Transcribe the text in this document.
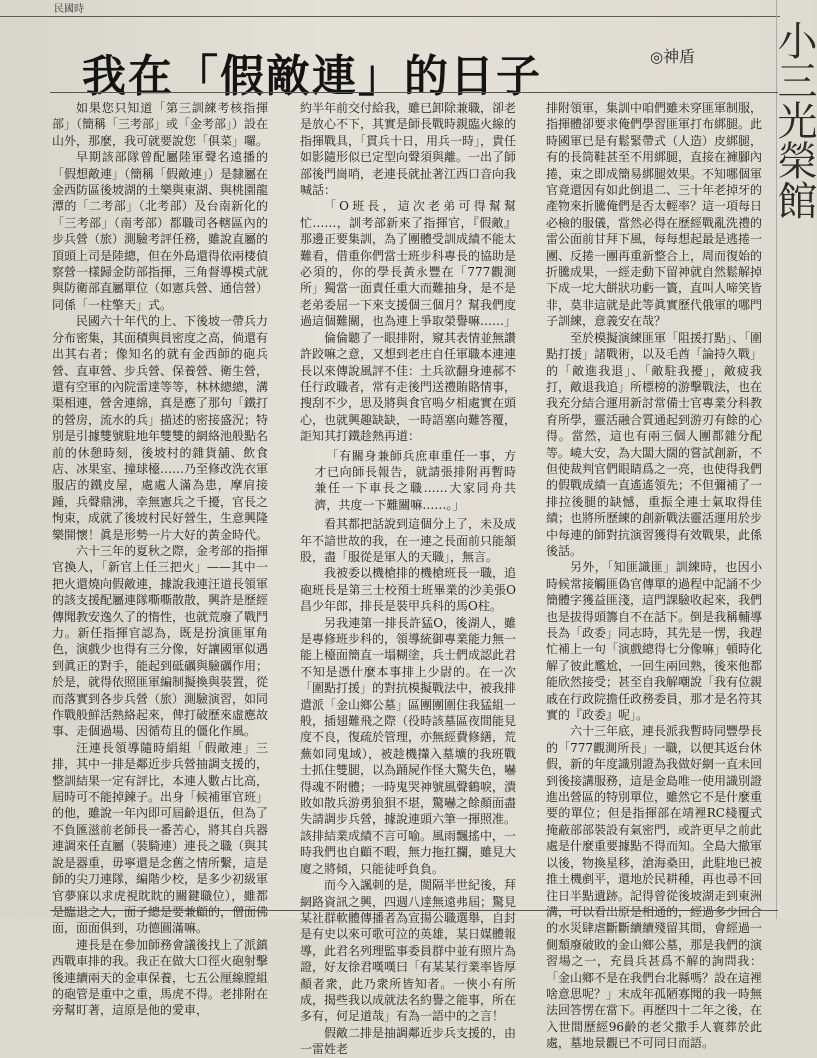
民國時
小三光榮館
我在「假敵連」的日子	◎神盾

如果您只知道「第三訓練考核指揮部」（簡稱「三考部」或「金考部」）設在山外，那麼，我可就要說您「俱菜」囉。

早期該部隊曾配屬陸軍聲名遠播的「假想敵連」（簡稱「假敵連」）是隸屬在金西防區後坡湖的土樂與東湖、與桃園龍潭的「二考部」（北考部）及台南新化的「三考部」（南考部）都職司各轄區內的步兵營（旅）測驗考評任務，雖說直屬的頂頭上司是陸總，但在外島還得依兩棲偵察營一樣歸金防部指揮，三角督導模式就與防衛部直屬單位（如憲兵營、通信營）同係「一柱擎天」式。

民國六十年代的上、下後坡一帶兵力分布密集，其面積與員密度之高，倘還有出其右者；像知名的就有金西師的砲兵營、直車營、步兵營、保養營、衛生營，還有空軍的內院雷達等等，林林總總，溝渠相連，營舍連綿，真是應了那句「鐵打的營房，流水的兵」描述的密接盛況；特別是引據雙號駐地年雙雙的網絡池般點名前的休憩時刻，後坡村的雜貨舖、飲食店、冰果室、撞球檯……乃至修改洗衣軍服店的鐵皮屋，處處人滿為患，摩肩接踵，兵聲鼎沸，幸無憲兵之千擾，官長之恂束，成就了後坡村民好營生，生意興隆樂開懷！眞是形勢一片大好的黃金時代。

六十三年的夏秋之際，金考部的指揮官換人，「新官上任三把火」——其中一把火還燒向假敵連，據說我連汪道長領軍的該支援配屬連隊嘶嘶散散，興許是歷經傳聞教安逸久了的惰性，也就荒廢了戰鬥力。新任指揮官認為，既是扮演匪軍角色，演戲少也得有三分像，好讓國軍似遇到眞正的對手，能起到砥礪與驗礪作用；於是，就得依照匪軍編制擬換與裝置，從而落實到各步兵營（旅）測驗演習，如同作戰般鮮活熱絡起來，俾打破歷來虛應故事、走個過場、因循苟且的僵化作風。

汪連長領導隨時絹組「假敵連」三排，其中一排是鄰近步兵營抽調支援的，整訓結果一定有評比，本連人數占比高，屆時可不能掉鍊子。出身「候補軍官班」的他，雖說一年內即可屆齡退伍，但為了不負匯滋前老師長一番苦心，將其自兵器連調來任直屬（裝騎連）連長之職（與其說是器重，毋寧還是念舊之情所繫，這是師的尖刀連隊，編階少校，是多少初級軍官夢寐以求虎視眈眈的關鍵職位），雖都是臨退之人，面子總是要兼顧的，僧面佛面，面面俱到，功德圓滿嘛。

連長是在參加師務會議後找上了派鎮西戰車排的我。我正在做大口徑火砲射擊後連續兩天的金車保養，七五公厘線膛組的砲管是重中之重，馬虎不得。老排附在旁幫盯著，這原是他的愛車，

約半年前交付給我，雖已卸除兼職，卻老是放心不下，其實是師長戰時親臨火線的指揮戰具，「貫兵十日，用兵一時」，貴任如影隨形似已定型向聲須與離。一出了師部後門崗哨，老連長就扯著江西口音向我喊話：

「O班長，這次老弟可得幫幫忙……，訓考部新來了指揮官，『假敵』那邊正要集訓，為了團體受訓成績不能太難看，借重你們當士班步科專長的協助是必須的，你的學長黃永豐在「777觀測所」獨當一面責任重大而難抽身，是不是老弟委屈一下來支援個三個月？幫我們度過這個難關，也為連上爭取榮譽嘛……」

倫倫聽了一眼排附，窺其表情並無讚許跤嘛之意，又想到老庄自任軍職本連連長以來傳說風評不佳：土兵欲翻身連郝不任行政職者，常有走後門送禮賄賂情事，搜刮不少，思及將與食官嗚夕相處實在頭心，也就興趣缺缺，一時語塞向難答覆，詎知其打鐵趁熱再道：

「有關身兼師兵庶車重任一事，方才已向師長報告，就請張排附再暫時兼任一下車長之職……大家同舟共濟，共度一下難關嘛……。」

看其都把話說到這個分上了，未及成年不諳世故的我，在一連之長面前只能頷股，盡「服從是軍人的天職」，無言。

我被委以機槍排的機槍班長一職，追砲班長是第三士校預士班畢業的沙美張O昌少年郎，排長是裝甲兵科的馬O柱。

另我連第一排長許猛O，後湖人，雖是專修班步科的，領導統御專業能力無一能上檯面簡直一塌糊塗，兵士們成認此君不知是憑什麼本事排上少尉的。在一次「圍點打援」的對抗模擬戰法中，被我排遣派「金山鄉公墓」區團團圍住我猛組一般，插翅難飛之際（役時該墓區夜間能見度不良，復疏於管理，亦無經費修繕，荒蕪如同鬼域），被趁機攆入墓壙的我班戰士抓住雙腿，以為踊屍作怪大驚失色，嚇得魂不附體；一時鬼哭神號風聲鶴唳，潰敗如散兵游勇狼狽不堪，驚嚇之餘顏面盡失請調步兵營，據說連頭六筆一揮照准。該排結業成績不言可喻。風雨飄搖中，一時我們也自顧不暇，無力拖扛攔，雖見大廈之將傾，只能徒呼負負。

而今入諷刺的是，閩隔半世紀後，拜網路資訊之興，四週八達無遠弗屆；驚見某社群軟體傳播者為宣揚公職選舉，自封是有史以來可歌可泣的英雄，某日媒體報導，此君名列理監事委員群中並有照片為證，好友徐君嘆嘆曰「有某某行業率皆厚顏者衆，此乃衆所皆知者。一俠小有所成，揭些我以成就法名約譽之能事，所在多有，何足道哉」有為一語中的之言！

假敵二排是抽調鄰近步兵支援的，由一雷姓老

排附領軍，集訓中咱們雖未穿匪軍制服，指揮體卻要求俺們學習匪軍打布綁腿。此時國軍已是有鬆緊帶式（人造）皮綁腿，有的長筒鞋甚至不用綁腿，直接在褲腳內捲，束之即成簡易綁腿效果。不知哪個軍官竟還因有如此倒退二、三十年老掉牙的產物來折騰俺們是否太輕率？這一項每日必檢的服儀，當然必得在歷經戰亂洗禮的雷公面前甘拜下風，每每想起最是逃捲一團、反捲一團再重新整合上，周而復始的折騰成果，一經走動下留神就自然鬆解掉下成一坨大餅狀功虧一簣，直叫人啼笑皆非，莫非這就是此等眞實歷代俄軍的哪門子訓練，意義安在哉？

至於模擬演練匪軍「阻援打點」、「圍點打援」諸戰術，以及毛酋「論持久戰」的「敵進我退」、「敵駐我擾」，敵疲我打，敵退我追」所標榜的游擊戰法，也在我充分結合運用新討常備士官專業分科教育所學，靈活融合質通起到游刃有餘的心得。當然，這也有兩三個人團都雜分配等。嶢大安，為大闆大闊的嘗試創新，不但使裁判官們眼睛爲之一亮，也使得我們的假戰成績一直遙遙領先；不但彌補了一排拉後腿的缺憾，重振全連士氣取得佳績；也將所歷練的創新戰法靈活運用於步中每連的師對抗演習獲得有效戰果，此係後話。

另外，「知匪識匪」訓練時，也因小時候常接觸匪偽官傳單的過程中記誦不少簡體字獲益匪淺，這門課驗收起來，我們也是拔得頭籌自不在話下。倒是我稱輔導長為「政委」同志時，其先是一愣，我趕忙補上一句「演戲總得七分像嘛」頓時化解了彼此尷尬，一回生兩回熟，後來他都能欣然接受；甚至自我解嘲說「我有位親戚在行政院擔任政務委員，那才是名符其實的『政委』呢」。

六十三年底，連長派我暫時同豐學長的「777觀測所長」一職，以便其返台休假，新的年度識別證為我做好網一直未回到後接講服務，這是金島唯一使用識別證進出營區的特別單位，雖然它不是什麼重要的單位；但是指揮部在靖裡RC棧覆式掩蔽部部裝設有氣密門，或許更早之前此處是什麼重要據點不得而知。全島大撤軍以後，物換星移，滄海桑田，此駐地已被推土機剷平，還地於民耕種，再也尋不回往日半點遺跡。記得曾從後坡湖走到東洲溝，可以看出原是相通的，經過多少回合的水災肆虐斷斷續續殘留其間，會經過一側頹廢破敗的金山鄉公墓，那是我們的演習場之一，充員兵甚爲不解的詢問我：「金山鄉不是在我們台北縣嗎？設在這裡啥意思呢？」末成年孤陋寡聞的我一時無法回答愣在當下。再歷四十二年之後，在入世間歷經96齡的老父撒手人寰葬於此處，墓地景觀已不可同日而語。
